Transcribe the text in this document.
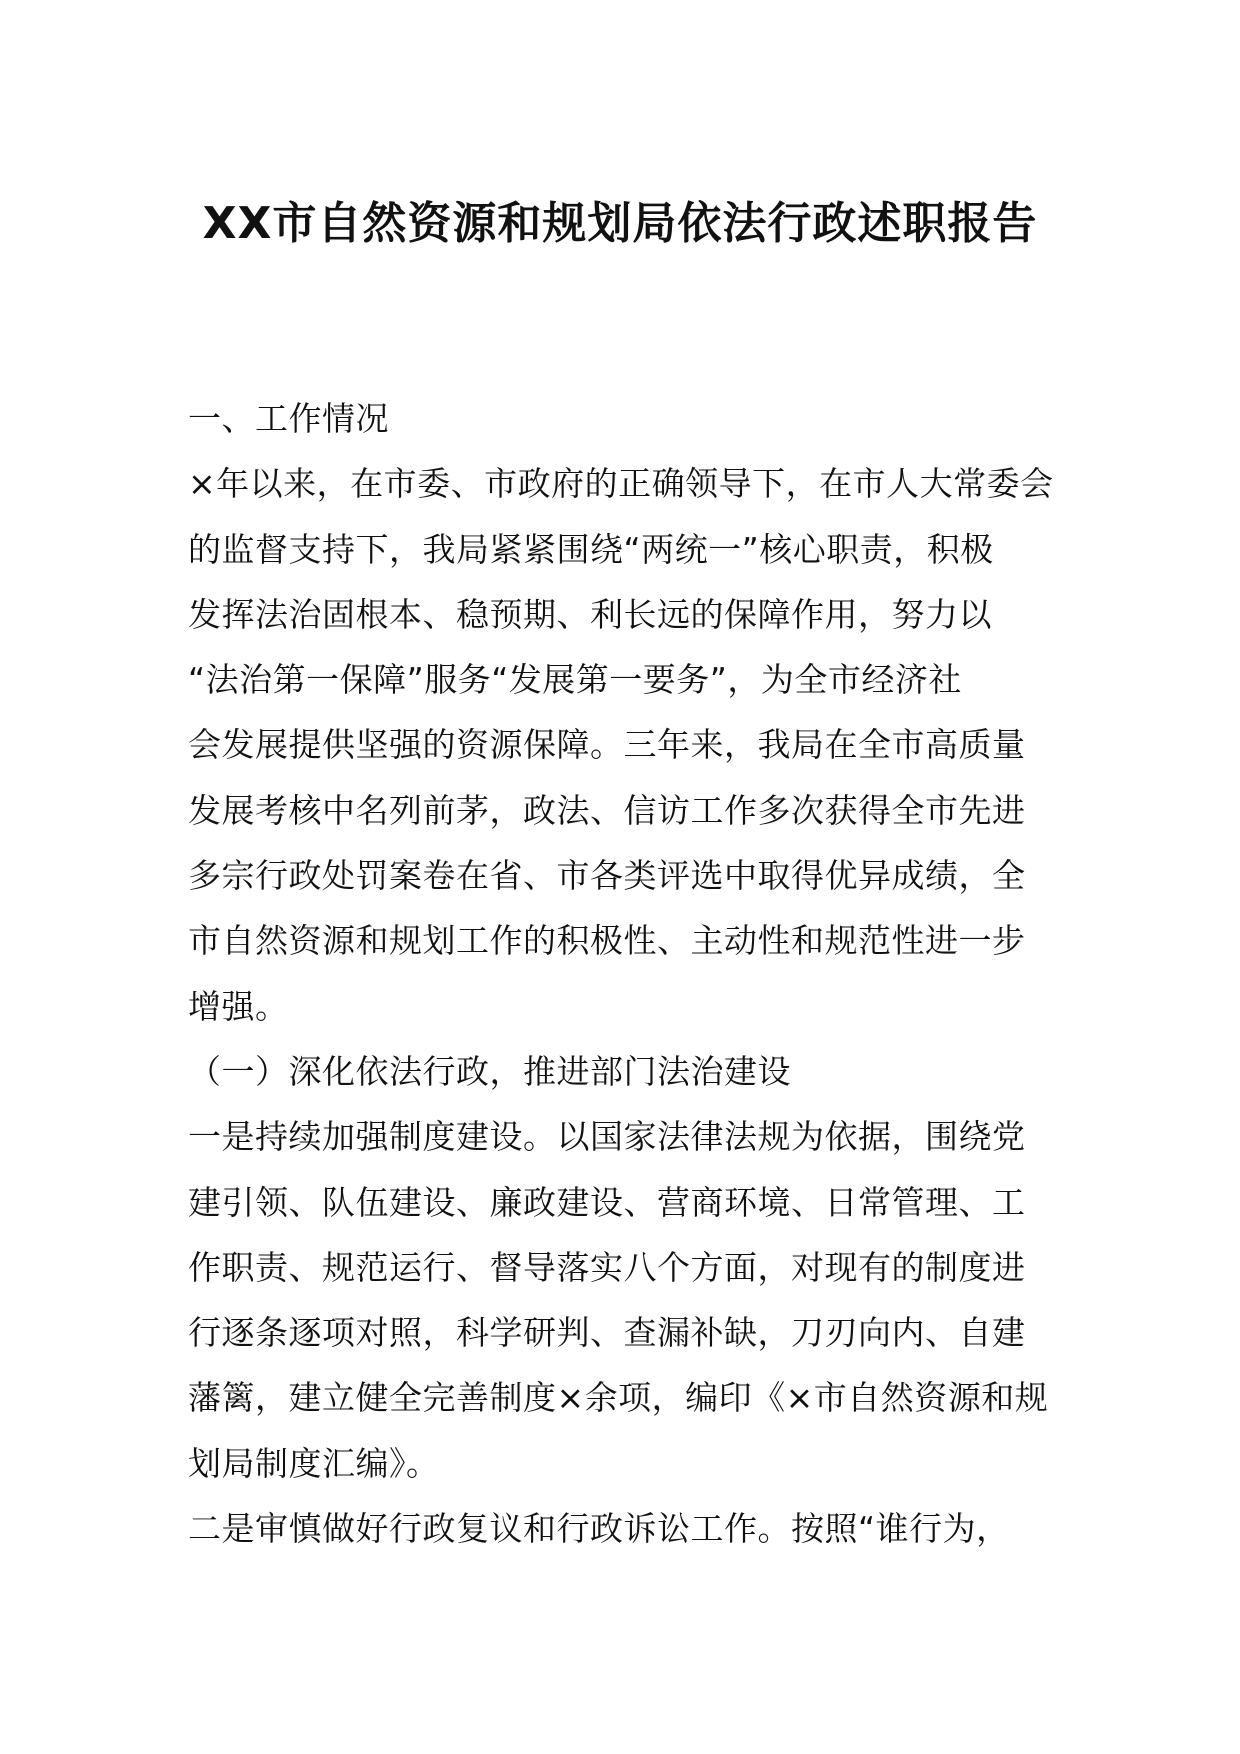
XX市自然资源和规划局依法行政述职报告
一、工作情况
×年以来，在市委、市政府的正确领导下，在市人大常委会
的监督支持下，我局紧紧围绕“两统一”核心职责，积极
发挥法治固根本、稳预期、利长远的保障作用，努力以
“法治第一保障”服务“发展第一要务”，为全市经济社
会发展提供坚强的资源保障。三年来，我局在全市高质量
发展考核中名列前茅，政法、信访工作多次获得全市先进
多宗行政处罚案卷在省、市各类评选中取得优异成绩，全
市自然资源和规划工作的积极性、主动性和规范性进一步
增强。
（一）深化依法行政，推进部门法治建设
一是持续加强制度建设。以国家法律法规为依据，围绕党
建引领、队伍建设、廉政建设、营商环境、日常管理、工
作职责、规范运行、督导落实八个方面，对现有的制度进
行逐条逐项对照，科学研判、查漏补缺，刀刃向内、自建
藩篱，建立健全完善制度×余项，编印《×市自然资源和规
划局制度汇编》。
二是审慎做好行政复议和行政诉讼工作。按照“谁行为，
